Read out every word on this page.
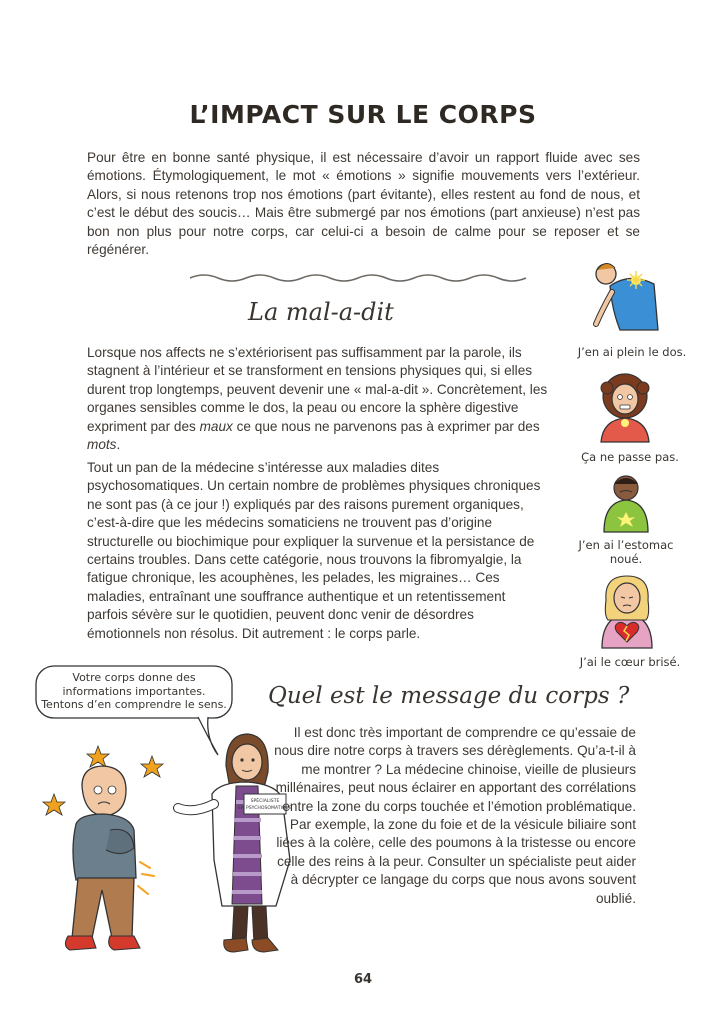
L’IMPACT SUR LE CORPS
Pour être en bonne santé physique, il est nécessaire d’avoir un rapport fluide avec ses émotions. Étymologiquement, le mot « émotions » signifie mouvements vers l’extérieur. Alors, si nous retenons trop nos émotions (part évitante), elles restent au fond de nous, et c’est le début des soucis… Mais être submergé par nos émotions (part anxieuse) n’est pas bon non plus pour notre corps, car celui-ci a besoin de calme pour se reposer et se régénérer.
La mal-a-dit
Lorsque nos affects ne s’extériorisent pas suffisamment par la parole, ils stagnent à l’intérieur et se transforment en tensions physiques qui, si elles durent trop longtemps, peuvent devenir une « mal-a-dit ». Concrètement, les organes sensibles comme le dos, la peau ou encore la sphère digestive expriment par des maux ce que nous ne parvenons pas à exprimer par des mots.
Tout un pan de la médecine s’intéresse aux maladies dites psychosomatiques. Un certain nombre de problèmes physiques chroniques ne sont pas (à ce jour !) expliqués par des raisons purement organiques, c’est-à-dire que les médecins somaticiens ne trouvent pas d’origine structurelle ou biochimique pour expliquer la survenue et la persistance de certains troubles. Dans cette catégorie, nous trouvons la fibromyalgie, la fatigue chronique, les acouphènes, les pelades, les migraines… Ces maladies, entraînant une souffrance authentique et un retentissement parfois sévère sur le quotidien, peuvent donc venir de désordres émotionnels non résolus. Dit autrement : le corps parle.
J’en ai plein le dos.
Ça ne passe pas.
J’en ai l’estomac noué.
J’ai le cœur brisé.
Votre corps donne des
informations importantes.
Tentons d’en comprendre le sens.
SPÉCIALISTE
EN PSYCHOSOMATIQUE
Quel est le message du corps ?
Il est donc très important de comprendre ce qu’essaie de nous dire notre corps à travers ses dérèglements. Qu’a-t-il à me montrer ? La médecine chinoise, vieille de plusieurs millénaires, peut nous éclairer en apportant des corrélations entre la zone du corps touchée et l’émotion problématique. Par exemple, la zone du foie et de la vésicule biliaire sont liées à la colère, celle des poumons à la tristesse ou encore celle des reins à la peur. Consulter un spécialiste peut aider à décrypter ce langage du corps que nous avons souvent oublié.
64
